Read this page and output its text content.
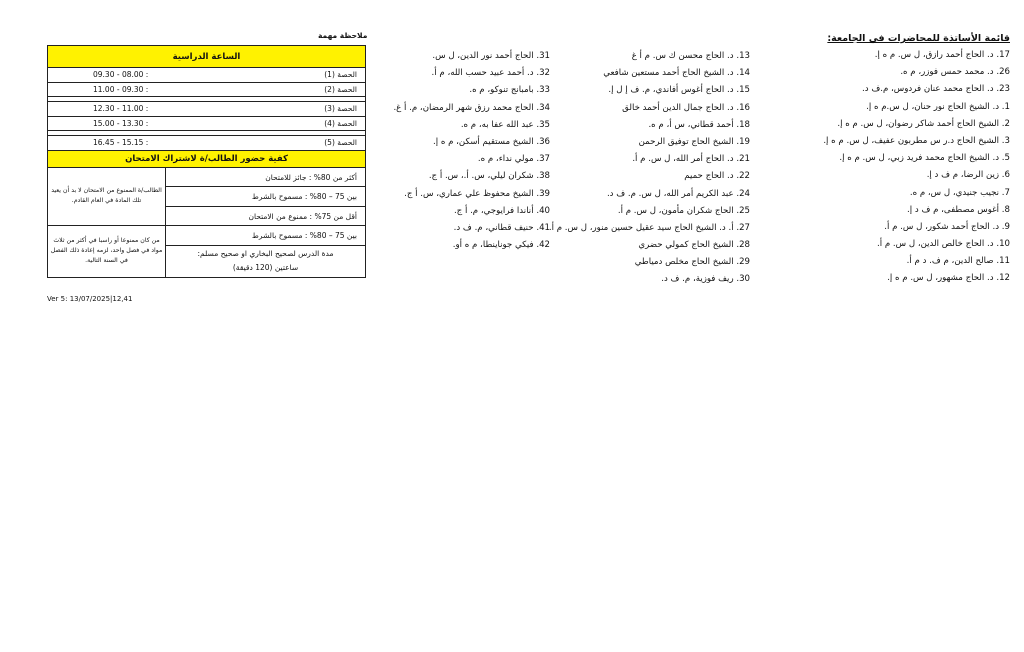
قائمة الأساتذة للمحاضرات في الجامعة:
17. د. الحاج أحمد رازق، ل س. م ه إ.
26. د. محمد حمس فوزر، م ه.
23. د. الحاج محمد عنان فردوس، م.ف د.
1. د. الشيخ الحاج نور حنان، ل س.م ه إ.
2. الشيخ الحاج أحمد شاكر رضوان، ل س. م ه إ.
3. الشيخ الحاج د.ر س مطربون عفيف، ل س. م ه إ.
5. د. الشيخ الحاج محمد فريد زبي، ل س. م ه إ.
6. زين الرضا، م ف د إ.
7. نجيب جنيدي، ل س، م ه.
8. أغوس مصطفى، م ف د إ.
9. د. الحاج أحمد شكور، ل س. م أ.
10. د. الحاج خالص الدين، ل س. م أ.
11. صالح الدين، م ف. د م أ.
12. د. الحاج مشهور، ل س. م ه إ.
13. د. الحاج محسن ك س. م أ غ
14. د. الشيخ الحاج أحمد مستعين شافعي
15. د. الحاج أغوس أفاندي، م. ف إ ل إ.
16. د. الحاج جمال الدين أحمد خالق
18. أحمد قطاني، س أ، م ه.
19. الشيخ الحاج توفيق الرحمن
21. د. الحاج أمر الله، ل س. م أ.
22. د. الحاج حميم
24. عبد الكريم أمر الله، ل س. م. ف د.
25. الحاج شكران مأمون، ل س. م أ.
27. أ. د. الشيخ الحاج سيد عقيل حسين منور، ل س. م أ.
28. الشيخ الحاج كمولي حضري
29. الشيخ الحاج مخلص دمياطي
30. ريف فوزية، م. ف د.
31. الحاج أحمد نور الدين، ل س.
32. د. أحمد عبيد حسب الله، م أ.
33. بامبانج تنوكو، م ه.
34. الحاج محمد رزق شهر الرمضان، م. أ غ.
35. عبد الله عفا به، م ه.
36. الشيخ مستقيم أسكن، م ه إ.
37. مولي نداء، م ه.
38. شكران ليلي، س. أ.، س. أ ج.
39. الشيخ محفوظ علي عماري، س. أ ج.
40. أناندا فرايوجي، م. أ ج.
41. حنيف قطاني، م. ف د.
42. فيكي جوناينطا، م ه أو.
ملاحظة مهمة
الساعة الدراسية
الحصة (1)
09.30 - 08.00 :
الحصة (2)
11.00 - 09.30 :
الحصة (3)
12.30 - 11.00 :
الحصة (4)
15.00 - 13.30 :
الحصة (5)
16.45 - 15.15 :
كفية حضور الطالب/ة لاشتراك الامتحان
أكثر من 80% : جائز للامتحان
بين 75 – 80% : مسموح بالشرط
أقل من 75% : ممنوع من الامتحان
بين 75 – 80% : مسموح بالشرط
مدة الدرس لصحيح البخاري او صحيح مسلم:
ساعتين (120 دقيقة)
الطالب/ة الممنوع من الامتحان لا بد أن يعيد تلك المادة في العام القادم.
من كان ممنوعا أو راسبا في أكثر من ثلاث مواد في فصل واحد، لزمه إعادة ذلك الفصل في السنة التالية.
Ver 5: 13/07/2025|12,41
